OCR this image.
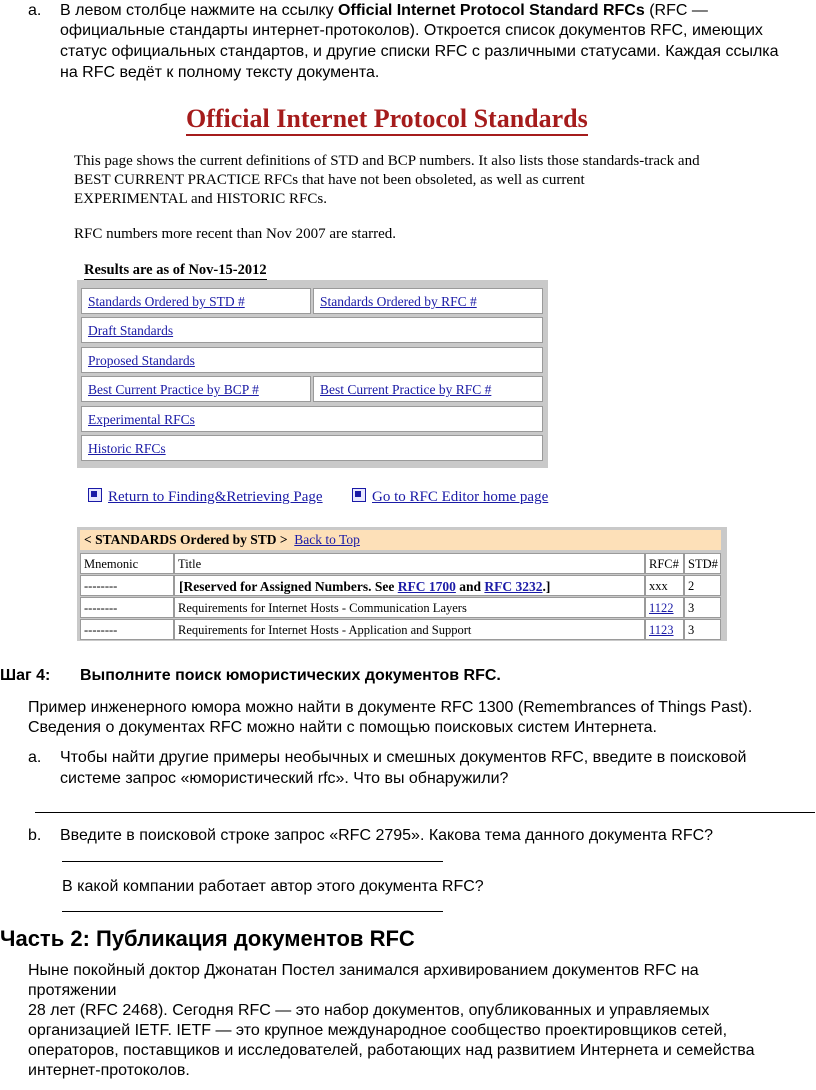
a. В левом столбце нажмите на ссылку Official Internet Protocol Standard RFCs (RFC —
официальные стандарты интернет-протоколов). Откроется список документов RFC, имеющих
статус официальных стандартов, и другие списки RFC с различными статусами. Каждая ссылка
на RFC ведёт к полному тексту документа.
Official Internet Protocol Standards
This page shows the current definitions of STD and BCP numbers. It also lists those standards-track and
BEST CURRENT PRACTICE RFCs that have not been obsoleted, as well as current
EXPERIMENTAL and HISTORIC RFCs.
RFC numbers more recent than Nov 2007 are starred.
Results are as of Nov-15-2012
Standards Ordered by STD #	Standards Ordered by RFC #
Draft Standards
Proposed Standards
Best Current Practice by BCP #	Best Current Practice by RFC #
Experimental RFCs
Historic RFCs
Return to Finding&Retrieving Page	Go to RFC Editor home page
< STANDARDS Ordered by STD > Back to Top
Mnemonic	Title	RFC# STD#
--------	[Reserved for Assigned Numbers. See RFC 1700 and RFC 3232.]	xxx	2
--------	Requirements for Internet Hosts - Communication Layers	1122	3
--------	Requirements for Internet Hosts - Application and Support	1123	3
Шаг 4: Выполните поиск юмористических документов RFC.
Пример инженерного юмора можно найти в документе RFC 1300 (Remembrances of Things Past).
Сведения о документах RFC можно найти с помощью поисковых систем Интернета.
a. Чтобы найти другие примеры необычных и смешных документов RFC, введите в поисковой
системе запрос «юмористический rfc». Что вы обнаружили?
b. Введите в поисковой строке запрос «RFC 2795». Какова тема данного документа RFC?
В какой компании работает автор этого документа RFC?
Часть 2: Публикация документов RFC
Ныне покойный доктор Джонатан Постел занимался архивированием документов RFC на
протяжении
28 лет (RFC 2468). Сегодня RFC — это набор документов, опубликованных и управляемых
организацией IETF. IETF — это крупное международное сообщество проектировщиков сетей,
операторов, поставщиков и исследователей, работающих над развитием Интернета и семейства
интернет-протоколов.
